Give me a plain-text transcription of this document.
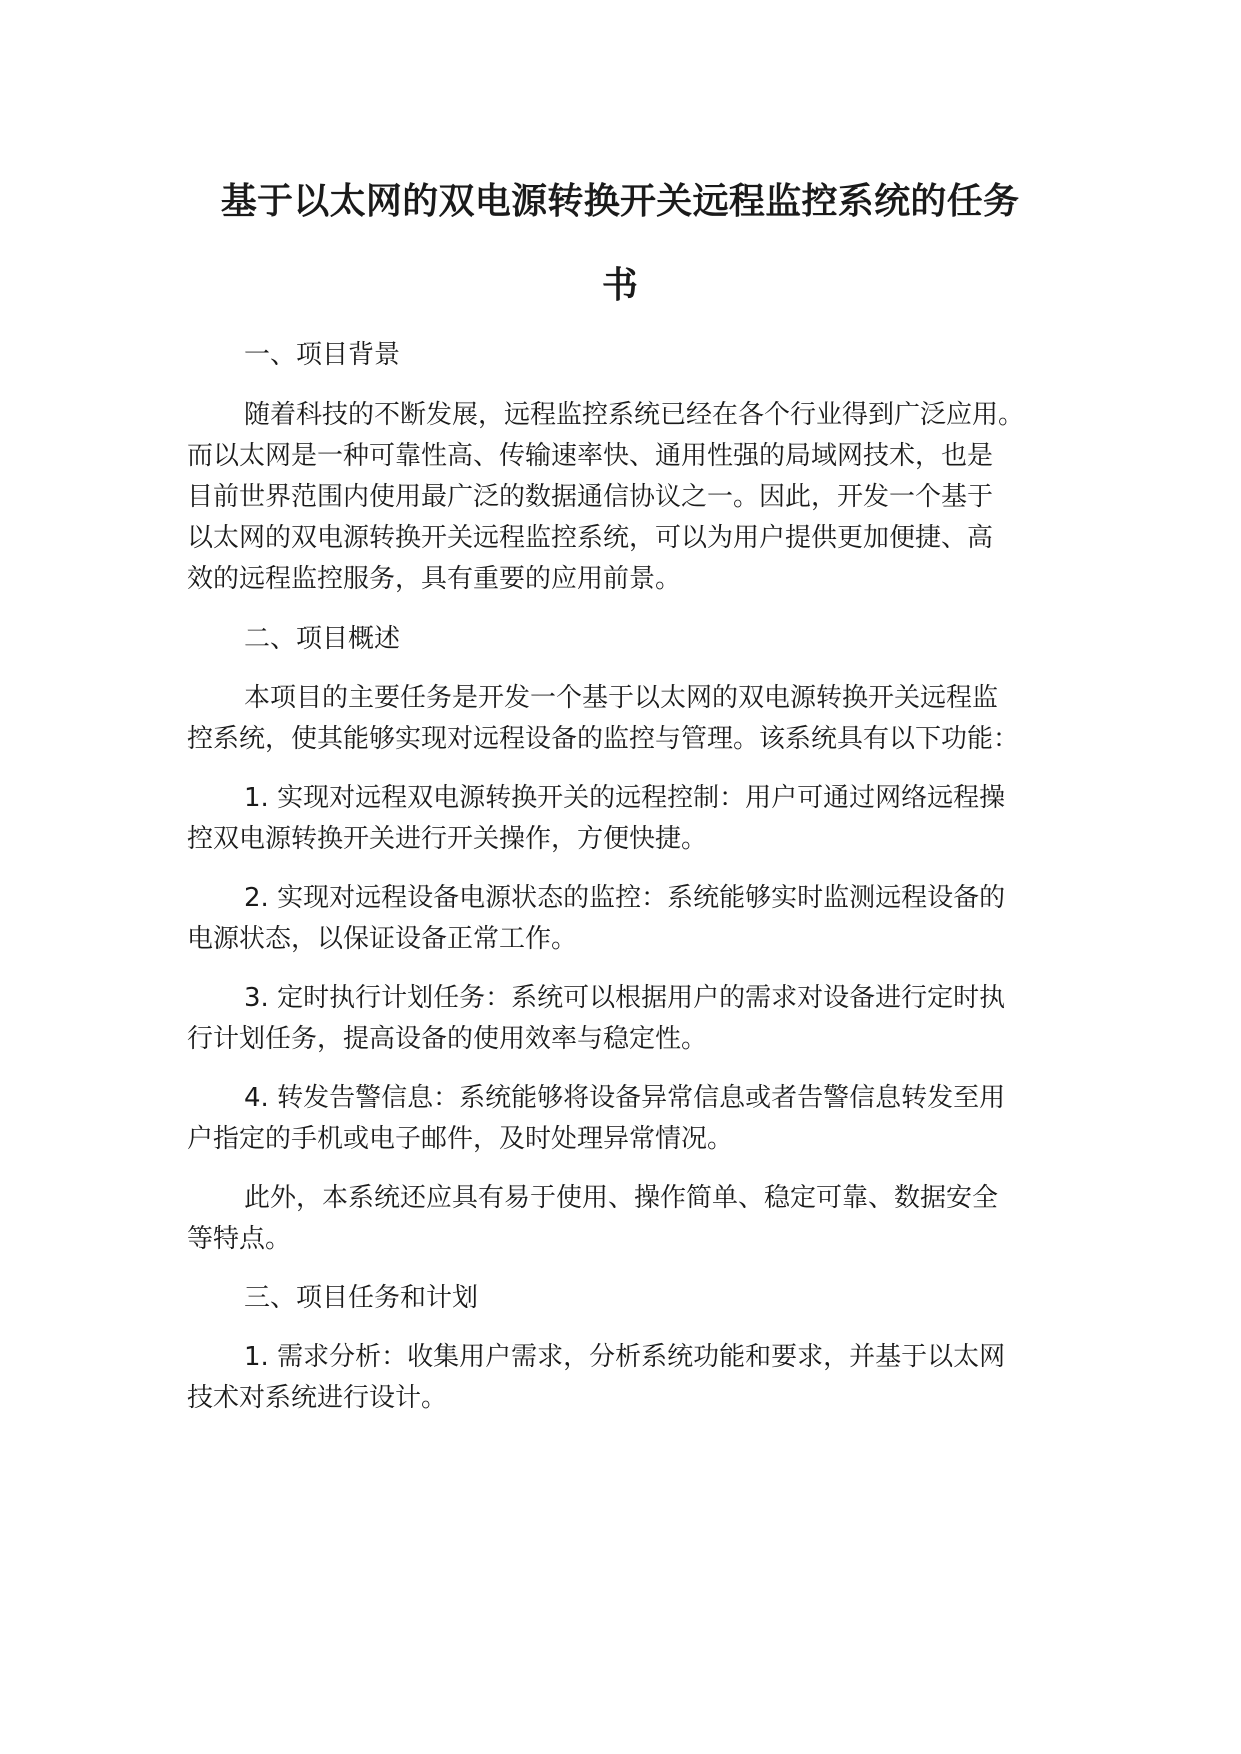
基于以太网的双电源转换开关远程监控系统的任务
书
一、项目背景
随着科技的不断发展，远程监控系统已经在各个行业得到广泛应用。
而以太网是一种可靠性高、传输速率快、通用性强的局域网技术，也是
目前世界范围内使用最广泛的数据通信协议之一。因此，开发一个基于
以太网的双电源转换开关远程监控系统，可以为用户提供更加便捷、高
效的远程监控服务，具有重要的应用前景。
二、项目概述
本项目的主要任务是开发一个基于以太网的双电源转换开关远程监
控系统，使其能够实现对远程设备的监控与管理。该系统具有以下功能：
1. 实现对远程双电源转换开关的远程控制：用户可通过网络远程操
控双电源转换开关进行开关操作，方便快捷。
2. 实现对远程设备电源状态的监控：系统能够实时监测远程设备的
电源状态，以保证设备正常工作。
3. 定时执行计划任务：系统可以根据用户的需求对设备进行定时执
行计划任务，提高设备的使用效率与稳定性。
4. 转发告警信息：系统能够将设备异常信息或者告警信息转发至用
户指定的手机或电子邮件，及时处理异常情况。
此外，本系统还应具有易于使用、操作简单、稳定可靠、数据安全
等特点。
三、项目任务和计划
1. 需求分析：收集用户需求，分析系统功能和要求，并基于以太网
技术对系统进行设计。
